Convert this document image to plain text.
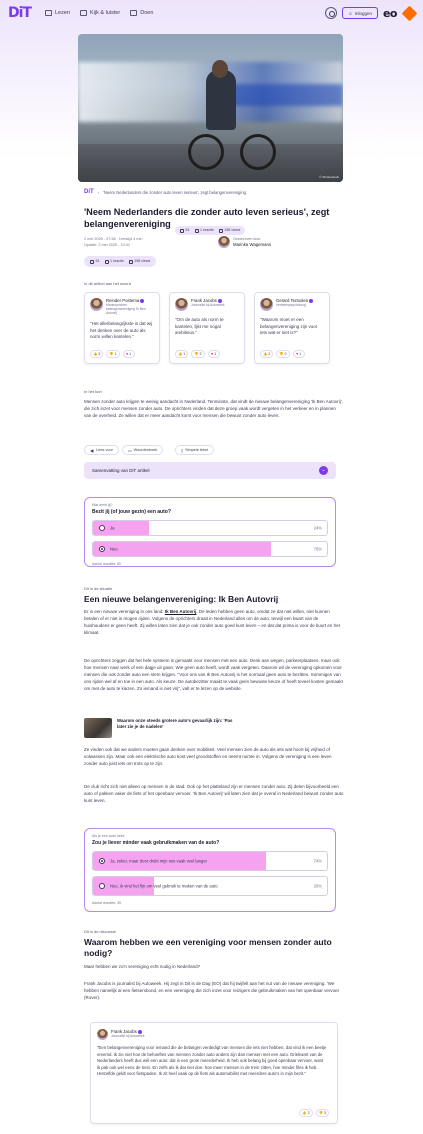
DiT	Lezen	Kijk & luister	Doen	☺ Inloggen eo
© Shutterstock
DiT › 'Neem Nederlanders die zonder auto leven serieus', zegt belangenvereniging
'Neem Nederlanders die zonder auto leven serieus', zegt belangenvereniging
51	1 reactie	198 views
2 mei 2025 - 07:58 · Leestijd 4 min
Update: 2 mei 2025 - 10:41
Geschreven door
Marinka Wagemans
51	1 reactie	198 views
In dit artikel aan het woord
Reinder Postema
Medeoprichter belangenvereniging 'Ik Ben Autovrij'
"Het allerbelangrijkste is dat wij het denken over de auto als norm willen kantelen."
👍 3	👎 1	♥ 1
Frank Jacobs
Journalist bij Autoweek
"Om de auto als norm te kantelen, lijkt me nogal ambitieus."
👍 1	👎 2	♥ 1
Gerard Tertoolen
Verkeerspsycholoog
"Waarom moet er een belangenvereniging zijn voor iets wat er niet is?"
👍 2	👎 0	♥ 1
In het kort

Mensen zonder auto krijgen te weinig aandacht in Nederland. Tenminste, dat vindt de nieuwe belangenvereniging 'Ik Ben Autovrij', die zich inzet voor mensen zonder auto. De oprichters vinden dat deze groep vaak wordt vergeten in het verkeer en in plannen van de overheid. Ze willen dat er meer aandacht komt voor mensen die bewust zonder auto leven.

◀) Lees voor	▭ Woordenboek	▯ Simpele tekst
Samenvatting van DiT artikel	⌄
Wat denk jij?
Bezit jij (of jouw gezin) een auto?
Ja	24%
Nee	76%
Aantal reacties: 80
Dit is de situatie
Een nieuwe belangenvereniging: Ik Ben Autovrij

Er is een nieuwe vereniging in ons land: Ik Ben Autovrij. De leden hebben geen auto, omdat ze dat niet willen, niet kunnen betalen of er niet in mogen rijden. Volgens de oprichters draait in Nederland alles om de auto, terwijl een kwart van de huishoudens er geen heeft. Zij willen laten zien dat je ook zonder auto goed kunt leven – en dat dat prima is voor de buurt en het klimaat.

De oprichters zeggen dat het hele systeem is gemaakt voor mensen met een auto. Denk aan wegen, parkeerplaatsen, maar ook hoe mensen naar werk of een dagje uit gaan. Wie geen auto heeft, wordt vaak vergeten. Daarom wil de vereniging opkomen voor mensen die ook zonder auto een stem krijgen. "Voor ons van Ik Ben Autovrij is het normaal geen auto te bezitten. Sommigen van ons rijden wel af en toe in een auto. Als keuze. De autobezitter maakt te vaak geen bewuste keuze of heeft teveel kosten gemaakt om met de auto te kiezen. Zo iemand is niet vrij", valt er te lezen op de website.

Waarom onze steeds grotere auto's gevaarlijk zijn: 'Pas later zie je de nadelen'

Ze vinden ook dat we anders moeten gaan denken over mobiliteit. Veel mensen zien de auto als iets wat hoort bij vrijheid of volwassen zijn. Maar ook een elektrische auto kost veel grondstoffen en neemt ruimte in. Volgens de vereniging is een leven zonder auto juist iets om trots op te zijn.

De club richt zich niet alleen op mensen in de stad. Ook op het platteland zijn er mensen zonder auto. Zij delen bijvoorbeeld een auto of pakken vaker de fiets of het openbaar vervoer. 'Ik Ben Autovrij' wil laten zien dat je overal in Nederland bewust zonder auto kunt leven.

Als je een auto hebt:
Zou je liever minder vaak gebruikmaken van de auto?
Ja, zeker, maar door drukt mijn reis vaak veel langer	74%
Nee, ik vind het fijn om veel gebruik te maken van de auto	26%
Aantal reacties: 35
Dit is de discussie
Waarom hebben we een vereniging voor mensen zonder auto nodig?

Maar hebben we zo'n vereniging echt nodig in Nederland?

Frank Jacobs is journalist bij Autoweek. Hij zegt in Dit is de Dag (EO) dat hij twijfelt aan het nut van de nieuwe vereniging. 'We hebben namelijk al een fietsersbond, en een vereniging die zich inzet voor reizigers die gebruikmaken van het openbaar vervoer (Rover).

Frank Jacobs
Journalist bij Autoweek

"Een belangenvereniging voor iemand die de belangen verdedigt van mensen die iets niet hebben, dat vind ik een beetje vreemd. Ik zie niet hoe de behoeftes van mensen zonder auto anders zijn dan mensen met een auto. Driekwart van de Nederlanders heeft dus wél een auto: dat is een grote meerderheid. Ik heb ook belang bij goed openbaar vervoer, want ik pak ook wel eens de trein. En zelfs als ik dat niet doe: hoe meer mensen in de trein zitten, hoe minder files ik heb. Hetzelfde geldt voor fietspaden. Ik zit heel vaak op de fiets als automobilist met meerdere auto's in mijn bezit."

👍 2	👎 3
